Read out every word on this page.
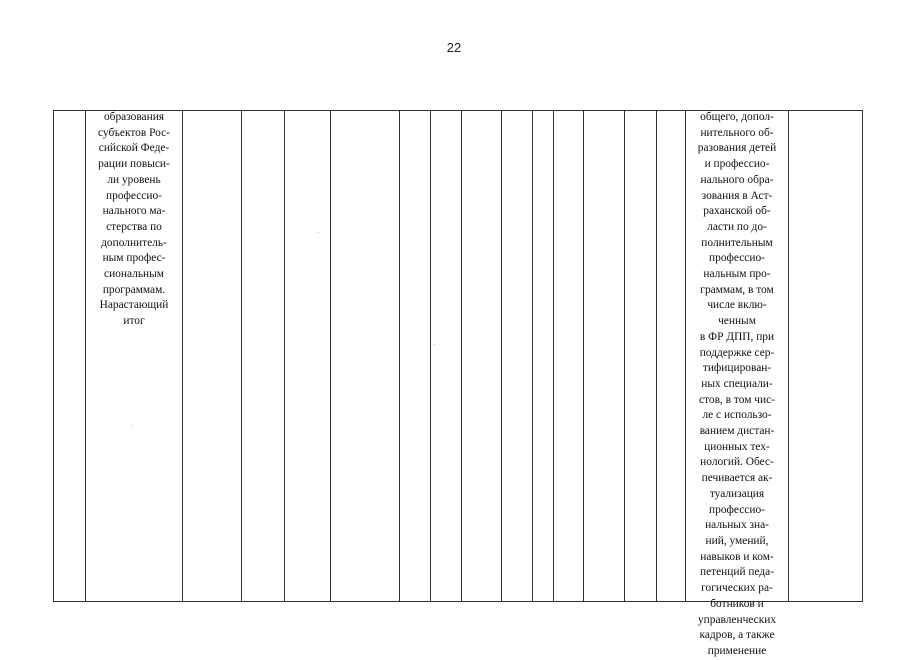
22
образования
субъектов Рос-
сийской Феде-
рации повыси-
ли уровень
профессио-
нального ма-
стерства по
дополнитель-
ным профес-
сиональным
программам.
Нарастающий
итог
общего, допол-
нительного об-
разования детей
и профессио-
нального обра-
зования в Аст-
раханской об-
ласти по до-
полнительным
профессио-
нальным про-
граммам, в том
числе вклю-
ченным
в ФР ДПП, при
поддержке сер-
тифицирован-
ных специали-
стов, в том чис-
ле с использо-
ванием дистан-
ционных тех-
нологий. Обес-
печивается ак-
туализация
профессио-
нальных зна-
ний, умений,
навыков и ком-
петенций педа-
гогических ра-
ботников и
управленческих
кадров, а также
применение
